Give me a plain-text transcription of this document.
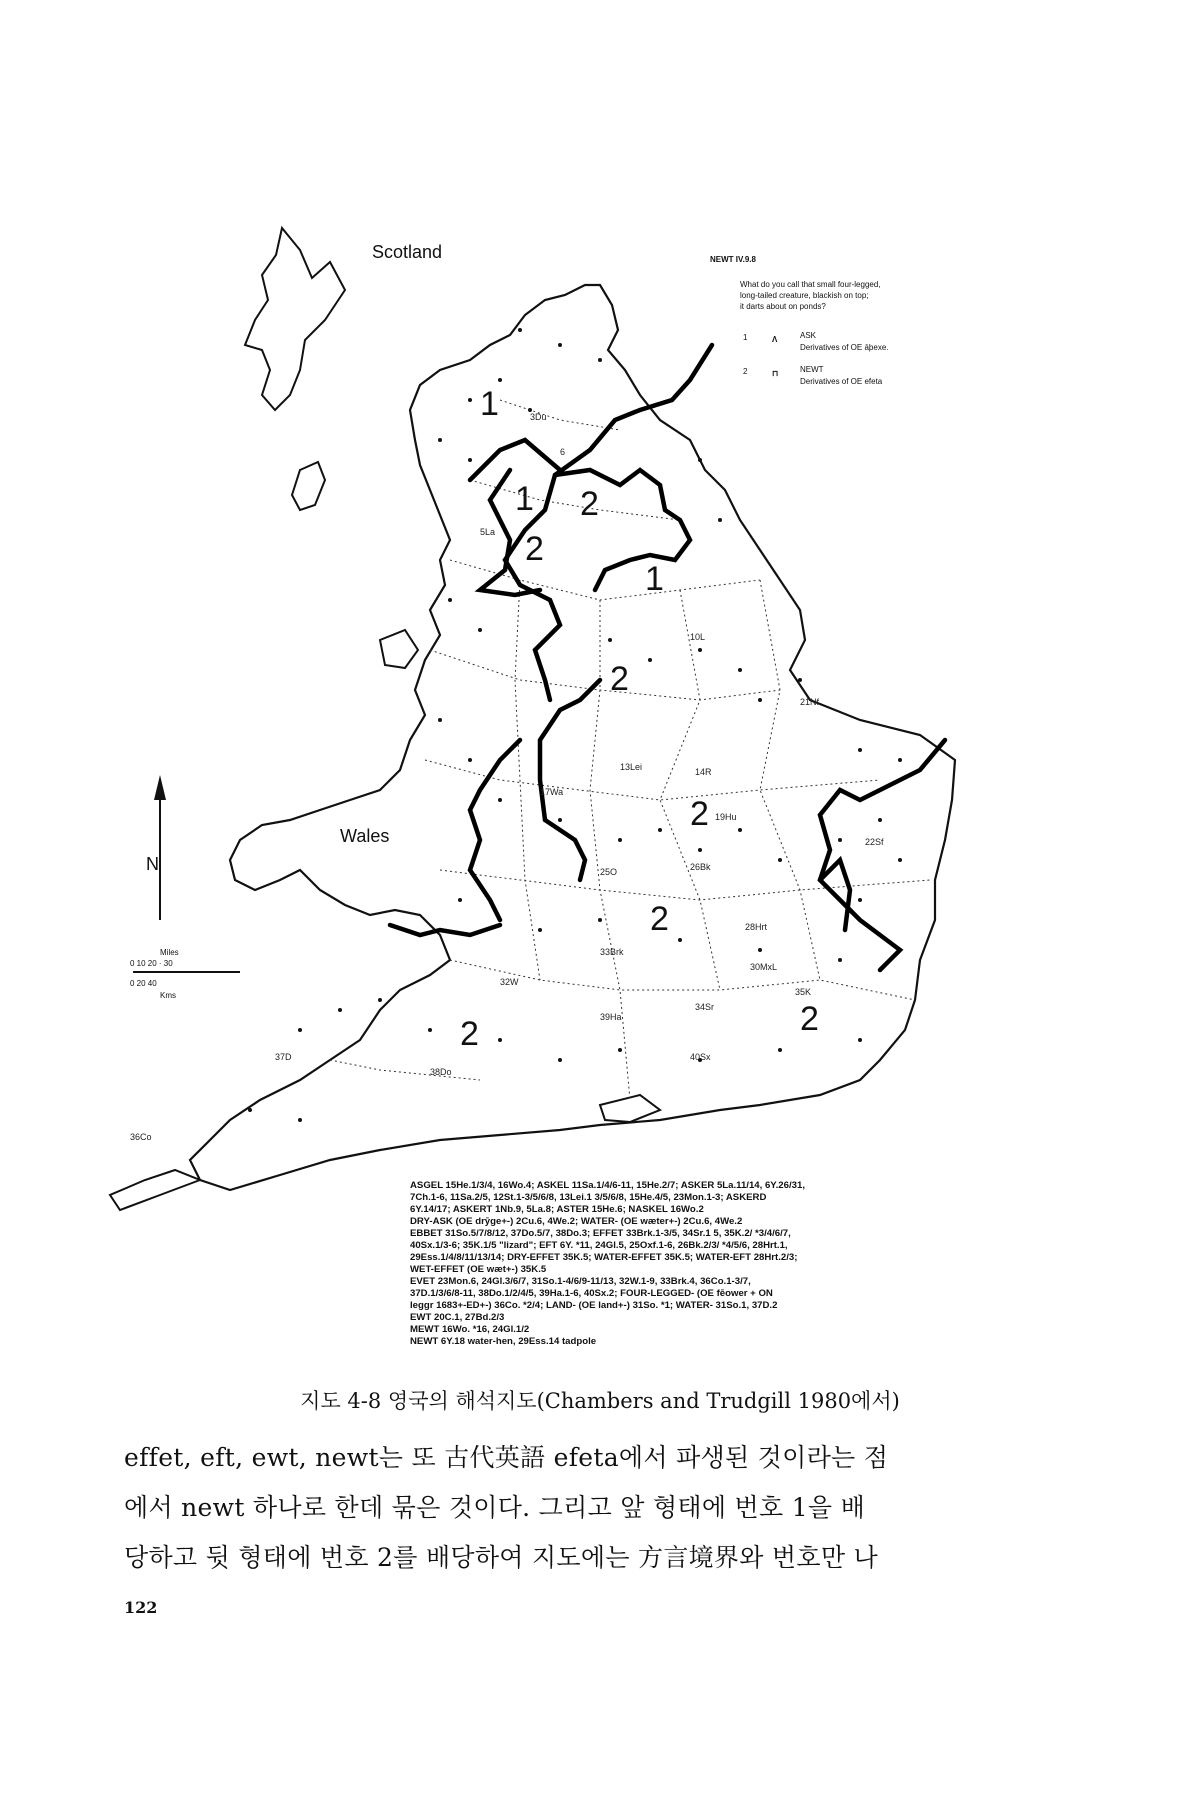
Scotland
Wales
1
2
1
2
1
2
2
2	2
2
3Du
5La
6
10L
13Lei	14R
17Wa
19Hu
21Nf
22Sf
25O	26Bk
28Hrt
30MxL
32W
33Brk
34Sr
35K
36Co
37D
38Do
39Ha
40Sx
N
Miles
0 10 20 · 30
0 20 40
Kms
NEWT IV.9.8
What do you call that small four-legged,
long-tailed creature, blackish on top;
it darts about on ponds?
1	Λ	ASK
Derivatives of OE āþexe.
2	⊓	NEWT
Derivatives of OE efeta

ASGEL 15He.1/3/4, 16Wo.4; ASKEL 11Sa.1/4/6-11, 15He.2/7; ASKER 5La.11/14, 6Y.26/31,

7Ch.1-6, 11Sa.2/5, 12St.1-3/5/6/8, 13Lei.1 3/5/6/8, 15He.4/5, 23Mon.1-3; ASKERD

6Y.14/17; ASKERT 1Nb.9, 5La.8; ASTER 15He.6; NASKEL 16Wo.2

DRY-ASK (OE drȳge+-) 2Cu.6, 4We.2; WATER- (OE wæter+-) 2Cu.6, 4We.2

EBBET 31So.5/7/8/12, 37Do.5/7, 38Do.3; EFFET 33Brk.1-3/5, 34Sr.1 5, 35K.2/ *3/4/6/7,

40Sx.1/3-6; 35K.1/5 "lizard"; EFT 6Y. *11, 24Gl.5, 25Oxf.1-6, 26Bk.2/3/ *4/5/6, 28Hrt.1,

29Ess.1/4/8/11/13/14; DRY-EFFET 35K.5; WATER-EFFET 35K.5; WATER-EFT 28Hrt.2/3;

WET-EFFET (OE wæt+-) 35K.5

EVET 23Mon.6, 24Gl.3/6/7, 31So.1-4/6/9-11/13, 32W.1-9, 33Brk.4, 36Co.1-3/7,

37D.1/3/6/8-11, 38Do.1/2/4/5, 39Ha.1-6, 40Sx.2; FOUR-LEGGED- (OE fēower + ON

leggr 1683+-ED+-) 36Co. *2/4; LAND- (OE land+-) 31So. *1; WATER- 31So.1, 37D.2

EWT 20C.1, 27Bd.2/3

MEWT 16Wo. *16, 24Gl.1/2

NEWT 6Y.18 water-hen, 29Ess.14 tadpole

지도 4-8 영국의 해석지도(Chambers and Trudgill 1980에서)

effet, eft, ewt, newt는 또 古代英語 efeta에서 파생된 것이라는 점

에서 newt 하나로 한데 묶은 것이다. 그리고 앞 형태에 번호 1을 배

당하고 뒷 형태에 번호 2를 배당하여 지도에는 方言境界와 번호만 나

122
